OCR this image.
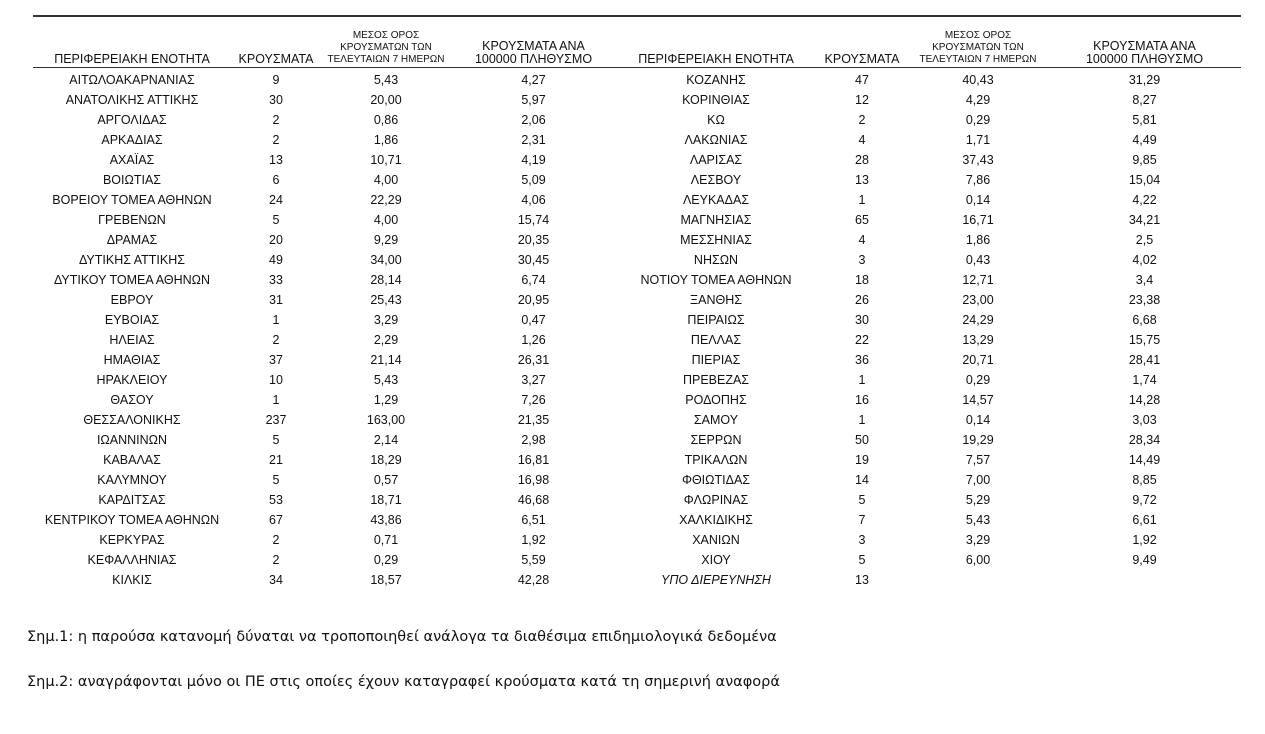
ΠΕΡΙΦΕΡΕΙΑΚΗ ΕΝΟΤΗΤΑ	ΚΡΟΥΣΜΑΤΑ	ΜΕΣΟΣ ΟΡΟΣ
ΚΡΟΥΣΜΑΤΩΝ ΤΩΝ
ΤΕΛΕΥΤΑΙΩΝ 7 ΗΜΕΡΩΝ	ΚΡΟΥΣΜΑΤΑ ΑΝΑ
100000 ΠΛΗΘΥΣΜΟ	ΠΕΡΙΦΕΡΕΙΑΚΗ ΕΝΟΤΗΤΑ	ΚΡΟΥΣΜΑΤΑ	ΜΕΣΟΣ ΟΡΟΣ
ΚΡΟΥΣΜΑΤΩΝ ΤΩΝ
ΤΕΛΕΥΤΑΙΩΝ 7 ΗΜΕΡΩΝ	ΚΡΟΥΣΜΑΤΑ ΑΝΑ
100000 ΠΛΗΘΥΣΜΟ
ΑΙΤΩΛΟΑΚΑΡΝΑΝΙΑΣ	9	5,43	4,27	ΚΟΖΑΝΗΣ	47	40,43	31,29
ΑΝΑΤΟΛΙΚΗΣ ΑΤΤΙΚΗΣ	30	20,00	5,97	ΚΟΡΙΝΘΙΑΣ	12	4,29	8,27
ΑΡΓΟΛΙΔΑΣ	2	0,86	2,06	ΚΩ	2	0,29	5,81
ΑΡΚΑΔΙΑΣ	2	1,86	2,31	ΛΑΚΩΝΙΑΣ	4	1,71	4,49
ΑΧΑΪΑΣ	13	10,71	4,19	ΛΑΡΙΣΑΣ	28	37,43	9,85
ΒΟΙΩΤΙΑΣ	6	4,00	5,09	ΛΕΣΒΟΥ	13	7,86	15,04
ΒΟΡΕΙΟΥ ΤΟΜΕΑ ΑΘΗΝΩΝ	24	22,29	4,06	ΛΕΥΚΑΔΑΣ	1	0,14	4,22
ΓΡΕΒΕΝΩΝ	5	4,00	15,74	ΜΑΓΝΗΣΙΑΣ	65	16,71	34,21
ΔΡΑΜΑΣ	20	9,29	20,35	ΜΕΣΣΗΝΙΑΣ	4	1,86	2,5
ΔΥΤΙΚΗΣ ΑΤΤΙΚΗΣ	49	34,00	30,45	ΝΗΣΩΝ	3	0,43	4,02
ΔΥΤΙΚΟΥ ΤΟΜΕΑ ΑΘΗΝΩΝ	33	28,14	6,74	ΝΟΤΙΟΥ ΤΟΜΕΑ ΑΘΗΝΩΝ	18	12,71	3,4
ΕΒΡΟΥ	31	25,43	20,95	ΞΑΝΘΗΣ	26	23,00	23,38
ΕΥΒΟΙΑΣ	1	3,29	0,47	ΠΕΙΡΑΙΩΣ	30	24,29	6,68
ΗΛΕΙΑΣ	2	2,29	1,26	ΠΕΛΛΑΣ	22	13,29	15,75
ΗΜΑΘΙΑΣ	37	21,14	26,31	ΠΙΕΡΙΑΣ	36	20,71	28,41
ΗΡΑΚΛΕΙΟΥ	10	5,43	3,27	ΠΡΕΒΕΖΑΣ	1	0,29	1,74
ΘΑΣΟΥ	1	1,29	7,26	ΡΟΔΟΠΗΣ	16	14,57	14,28
ΘΕΣΣΑΛΟΝΙΚΗΣ	237	163,00	21,35	ΣΑΜΟΥ	1	0,14	3,03
ΙΩΑΝΝΙΝΩΝ	5	2,14	2,98	ΣΕΡΡΩΝ	50	19,29	28,34
ΚΑΒΑΛΑΣ	21	18,29	16,81	ΤΡΙΚΑΛΩΝ	19	7,57	14,49
ΚΑΛΥΜΝΟΥ	5	0,57	16,98	ΦΘΙΩΤΙΔΑΣ	14	7,00	8,85
ΚΑΡΔΙΤΣΑΣ	53	18,71	46,68	ΦΛΩΡΙΝΑΣ	5	5,29	9,72
ΚΕΝΤΡΙΚΟΥ ΤΟΜΕΑ ΑΘΗΝΩΝ	67	43,86	6,51	ΧΑΛΚΙΔΙΚΗΣ	7	5,43	6,61
ΚΕΡΚΥΡΑΣ	2	0,71	1,92	ΧΑΝΙΩΝ	3	3,29	1,92
ΚΕΦΑΛΛΗΝΙΑΣ	2	0,29	5,59	ΧΙΟΥ	5	6,00	9,49
ΚΙΛΚΙΣ	34	18,57	42,28	ΥΠΟ ΔΙΕΡΕΥΝΗΣΗ	13		

Σημ.1: η παρούσα κατανομή δύναται να τροποποιηθεί ανάλογα τα διαθέσιμα επιδημιολογικά δεδομένα

Σημ.2: αναγράφονται μόνο οι ΠΕ στις οποίες έχουν καταγραφεί κρούσματα κατά τη σημερινή αναφορά
